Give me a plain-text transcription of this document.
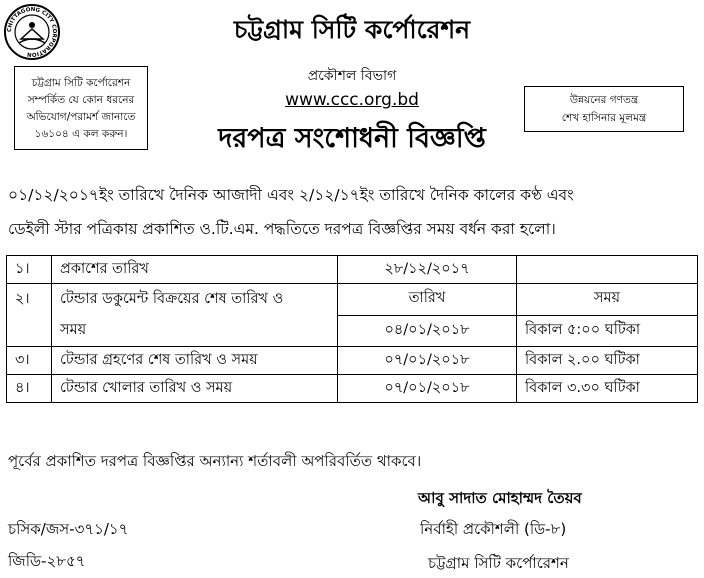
CHITTAGONG CITY CORPORATION
চট্টগ্রাম সিটি কর্পোরেশন
চট্টগ্রাম সিটি কর্পোরেশন
সম্পর্কিত যে কোন ধরনের
অভিযোগ/পরামর্শ জানাতে
১৬১০৪ এ কল করুন।
প্রকৌশল বিভাগ
www.ccc.org.bd	উন্নয়নের গণতন্ত্র
শেখ হাসিনার মূলমন্ত্র
দরপত্র সংশোধনী বিজ্ঞপ্তি
০১/১২/২০১৭ইং তারিখে দৈনিক আজাদী এবং ২/১২/১৭ইং তারিখে দৈনিক কালের কণ্ঠ এবং
ডেইলী স্টার পত্রিকায় প্রকাশিত ও.টি.এম. পদ্ধতিতে দরপত্র বিজ্ঞপ্তির সময় বর্ধন করা হলো।
১।	প্রকাশের তারিখ	২৮/১২/২০১৭	
২।	টেন্ডার ডকুমেন্ট বিক্রয়ের শেষ তারিখ ও
সময়	তারিখ	সময়
		০৪/০১/২০১৮	বিকাল ৫:০০ ঘটিকা
৩।	টেন্ডার গ্রহণের শেষ তারিখ ও সময়	০৭/০১/২০১৮	বিকাল ২.০০ ঘটিকা
৪।	টেন্ডার খোলার তারিখ ও সময়	০৭/০১/২০১৮	বিকাল ৩.৩০ ঘটিকা
পূর্বের প্রকাশিত দরপত্র বিজ্ঞপ্তির অন্যান্য শর্তাবলী অপরিবর্তিত থাকবে।
আবু সাদাত মোহাম্মদ তৈয়ব
চসিক/জস-৩৭১/১৭	নির্বাহী প্রকৌশলী (ডি-৮)
জিডি-২৮৫৭	চট্টগ্রাম সিটি কর্পোরেশন
